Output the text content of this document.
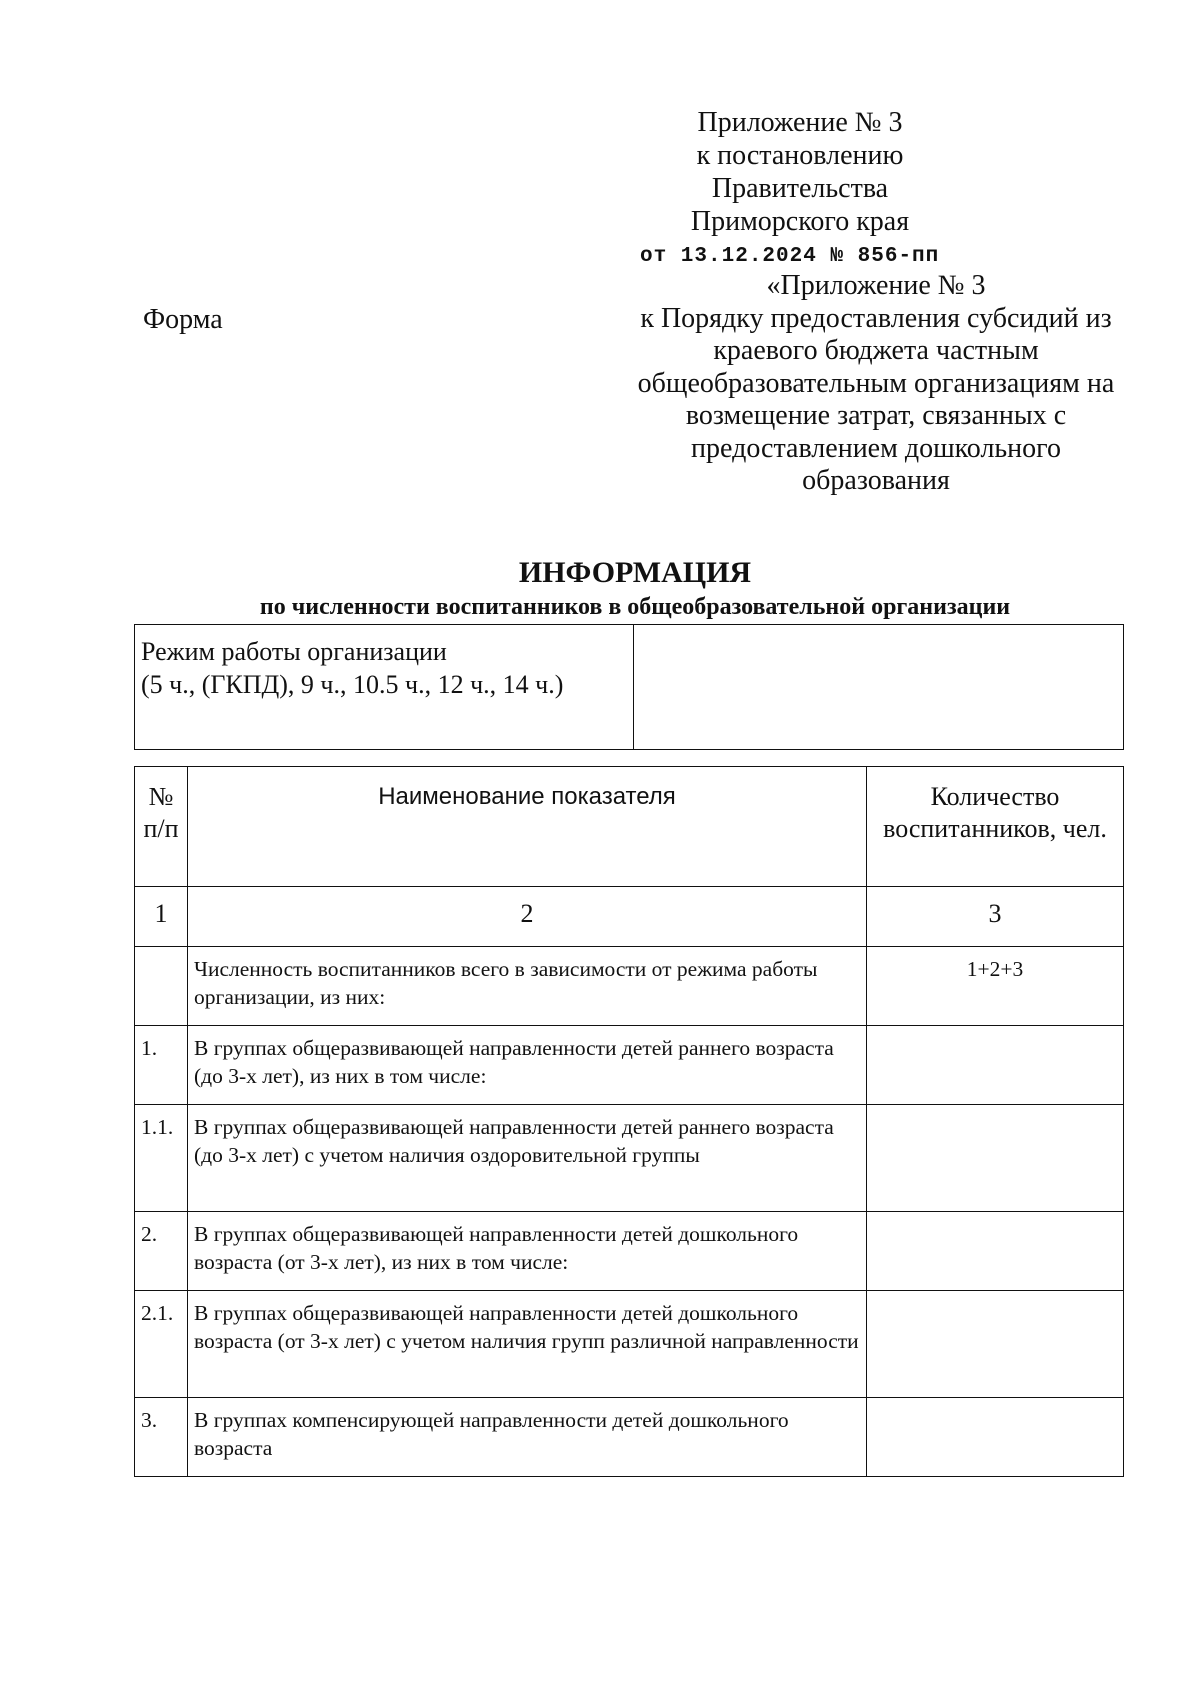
Приложение № 3
к постановлению
Правительства Приморского края
от 13.12.2024 № 856-пп
Форма
«Приложение № 3
к Порядку предоставления субсидий из
краевого бюджета частным
общеобразовательным организациям на
возмещение затрат, связанных с
предоставлением дошкольного
образования
ИНФОРМАЦИЯ
по численности воспитанников в общеобразовательной организации
Режим работы организации
(5 ч., (ГКПД), 9 ч., 10.5 ч., 12 ч., 14 ч.)	
№ п/п	Наименование показателя	Количество воспитанников, чел.
1	2	3
	Численность воспитанников всего в зависимости от режима работы организации, из них:	1+2+3
1.	В группах общеразвивающей направленности детей раннего возраста (до 3-х лет), из них в том числе:	
1.1.	В группах общеразвивающей направленности детей раннего возраста (до 3-х лет) с учетом наличия оздоровительной группы	
2.	В группах общеразвивающей направленности детей дошкольного возраста (от 3-х лет), из них в том числе:	
2.1.	В группах общеразвивающей направленности детей дошкольного возраста (от 3-х лет) с учетом наличия групп различной направленности	
3.	В группах компенсирующей направленности детей дошкольного возраста	
